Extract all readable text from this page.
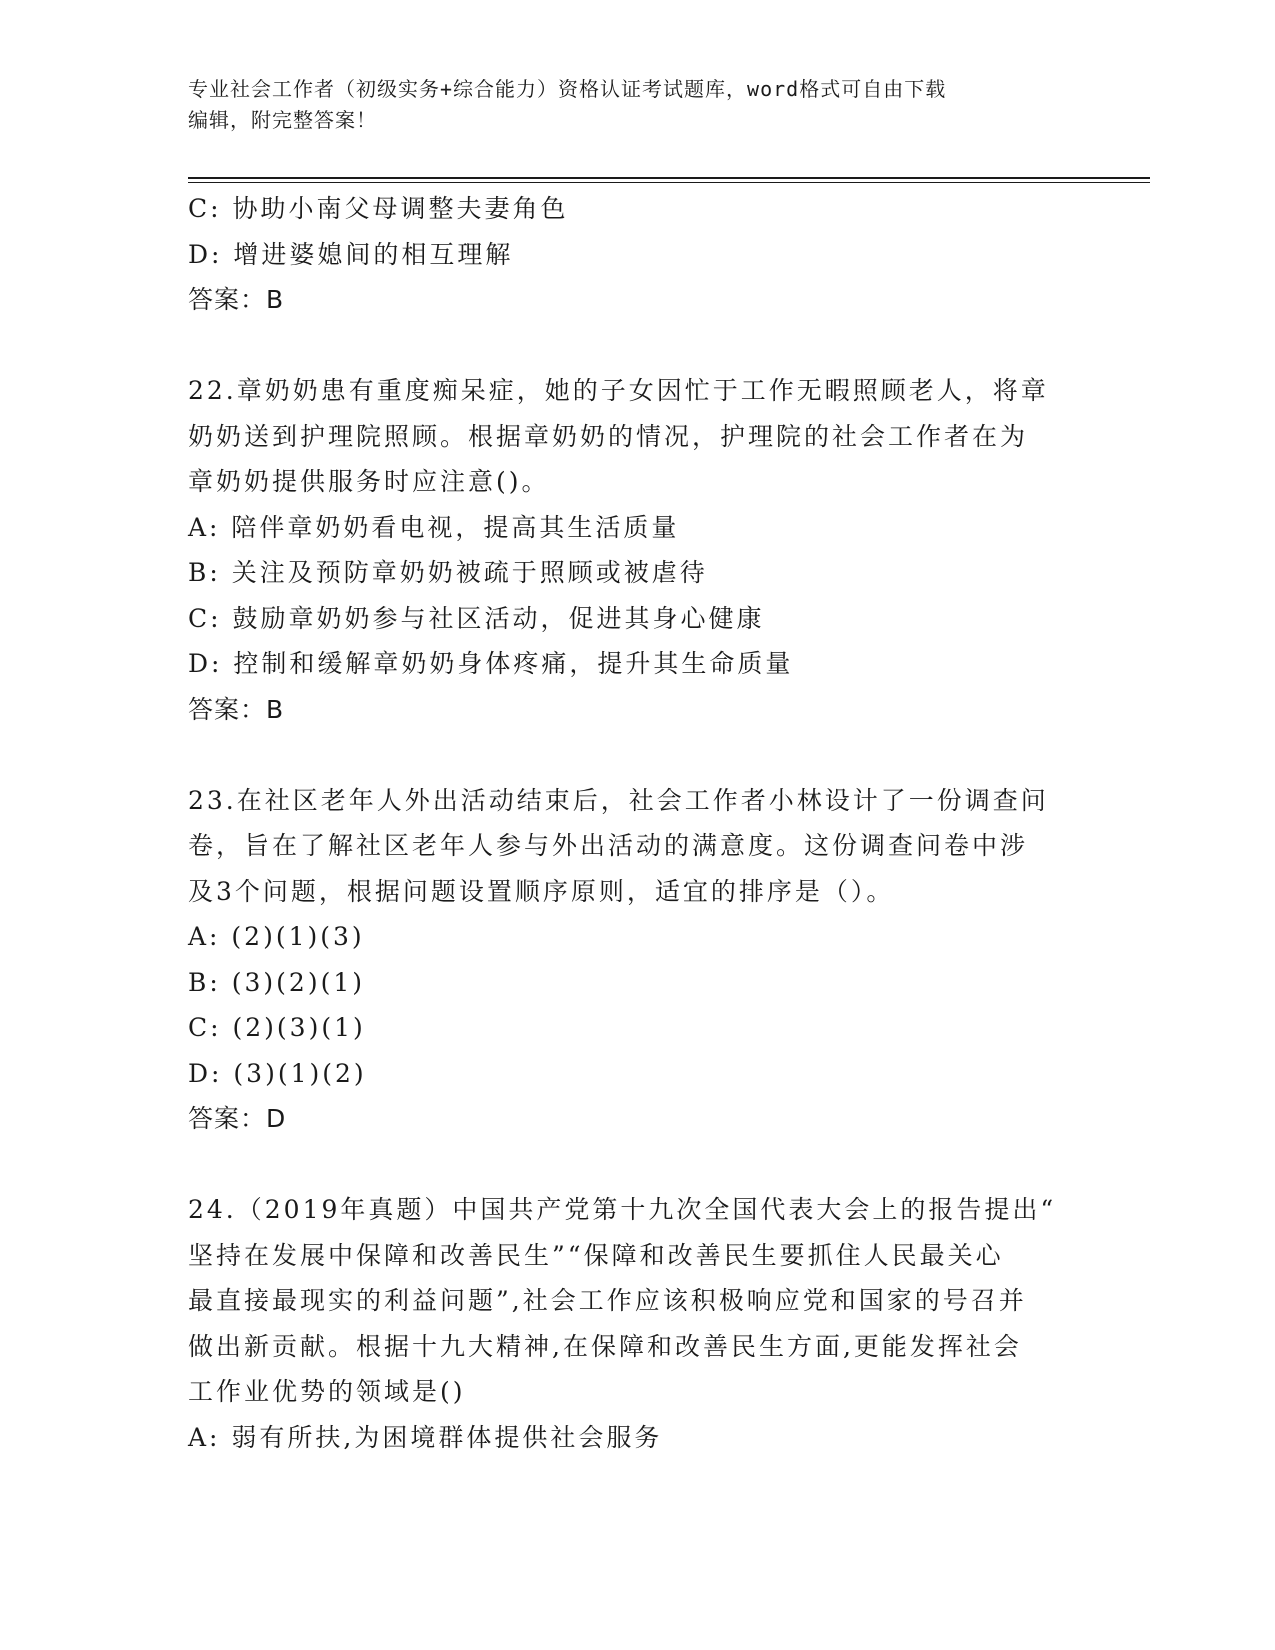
专业社会工作者（初级实务+综合能力）资格认证考试题库，word格式可自由下载
编辑，附完整答案！
C: 协助小南父母调整夫妻角色
D: 增进婆媳间的相互理解
答案：B
22.章奶奶患有重度痴呆症，她的子女因忙于工作无暇照顾老人，将章
奶奶送到护理院照顾。根据章奶奶的情况，护理院的社会工作者在为
章奶奶提供服务时应注意()。
A: 陪伴章奶奶看电视，提高其生活质量
B: 关注及预防章奶奶被疏于照顾或被虐待
C: 鼓励章奶奶参与社区活动，促进其身心健康
D: 控制和缓解章奶奶身体疼痛，提升其生命质量
答案：B
23.在社区老年人外出活动结束后，社会工作者小林设计了一份调查问
卷，旨在了解社区老年人参与外出活动的满意度。这份调查问卷中涉
及3个问题，根据问题设置顺序原则，适宜的排序是（）。
A: (2)(1)(3)
B: (3)(2)(1)
C: (2)(3)(1)
D: (3)(1)(2)
答案：D
24.（2019年真题）中国共产党第十九次全国代表大会上的报告提出“
坚持在发展中保障和改善民生”“保障和改善民生要抓住人民最关心
最直接最现实的利益问题”,社会工作应该积极响应党和国家的号召并
做出新贡献。根据十九大精神,在保障和改善民生方面,更能发挥社会
工作业优势的领域是()
A: 弱有所扶,为困境群体提供社会服务
